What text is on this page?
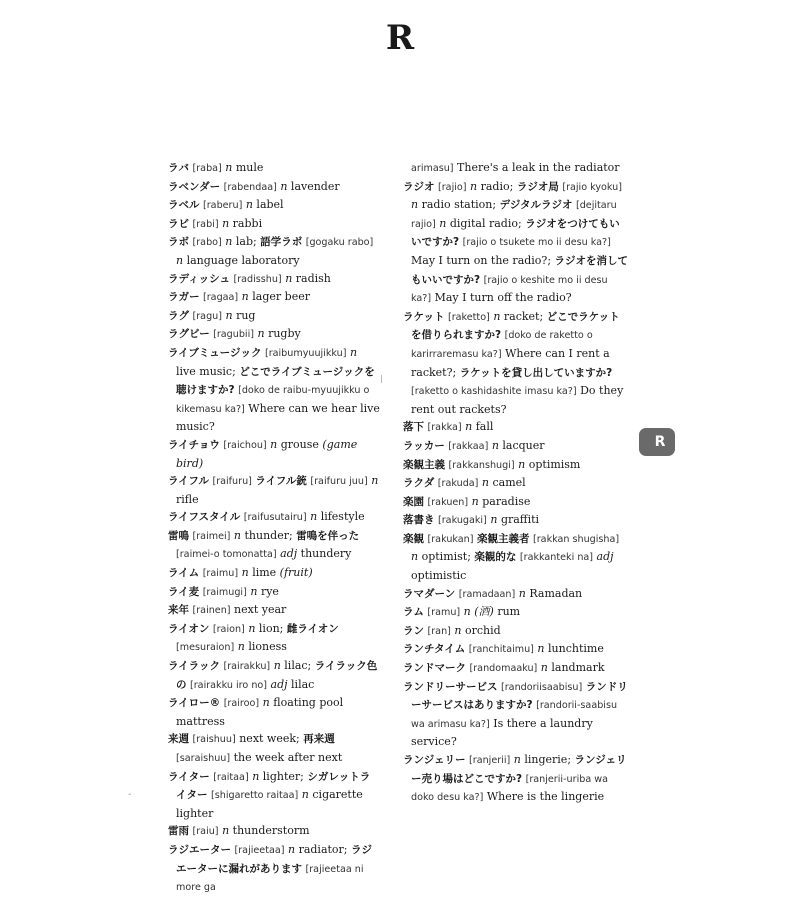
R

ラバ [raba] n mule

ラベンダー [rabendaa] n lavender

ラベル [raberu] n label

ラビ [rabi] n rabbi

ラボ [rabo] n lab; 語学ラボ [gogaku rabo] n language laboratory

ラディッシュ [radisshu] n radish

ラガー [ragaa] n lager beer

ラグ [ragu] n rug

ラグビー [ragubii] n rugby

ライブミュージック [raibumyuujikku] n live music; どこでライブミュージックを聴けますか? [doko de raibu-myuujikku o kikemasu ka?] Where can we hear live music?

ライチョウ [raichou] n grouse (game bird)

ライフル [raifuru] ライフル銃 [raifuru juu] n rifle

ライフスタイル [raifusutairu] n lifestyle

雷鳴 [raimei] n thunder; 雷鳴を伴った [raimei-o tomonatta] adj thundery

ライム [raimu] n lime (fruit)

ライ麦 [raimugi] n rye

来年 [rainen] next year

ライオン [raion] n lion; 雌ライオン [mesuraion] n lioness

ライラック [rairakku] n lilac; ライラック色の [rairakku iro no] adj lilac

ライロー® [rairoo] n floating pool mattress

来週 [raishuu] next week; 再来週 [saraishuu] the week after next

ライター [raitaa] n lighter; シガレットライター [shigaretto raitaa] n cigarette lighter

雷雨 [raiu] n thunderstorm

ラジエーター [rajieetaa] n radiator; ラジエーターに漏れがあります [rajieetaa ni more ga

arimasu] There's a leak in the radiator

ラジオ [rajio] n radio; ラジオ局 [rajio kyoku] n radio station; デジタルラジオ [dejitaru rajio] n digital radio; ラジオをつけてもいいですか? [rajio o tsukete mo ii desu ka?] May I turn on the radio?; ラジオを消してもいいですか? [rajio o keshite mo ii desu ka?] May I turn off the radio?

ラケット [raketto] n racket; どこでラケットを借りられますか? [doko de raketto o karirraremasu ka?] Where can I rent a racket?; ラケットを貸し出していますか? [raketto o kashidashite imasu ka?] Do they rent out rackets?

落下 [rakka] n fall

ラッカー [rakkaa] n lacquer

楽観主義 [rakkanshugi] n optimism

ラクダ [rakuda] n camel

楽園 [rakuen] n paradise

落書き [rakugaki] n graffiti

楽観 [rakukan] 楽観主義者 [rakkan shugisha] n optimist; 楽観的な [rakkanteki na] adj optimistic

ラマダーン [ramadaan] n Ramadan

ラム [ramu] n (酒) rum

ラン [ran] n orchid

ランチタイム [ranchitaimu] n lunchtime

ランドマーク [randomaaku] n landmark

ランドリーサービス [randoriisaabisu] ランドリーサービスはありますか? [randorii-saabisu wa arimasu ka?] Is there a laundry service?

ランジェリー [ranjerii] n lingerie; ランジェリー売り場はどこですか? [ranjerii-uriba wa doko desu ka?] Where is the lingerie

R
“
